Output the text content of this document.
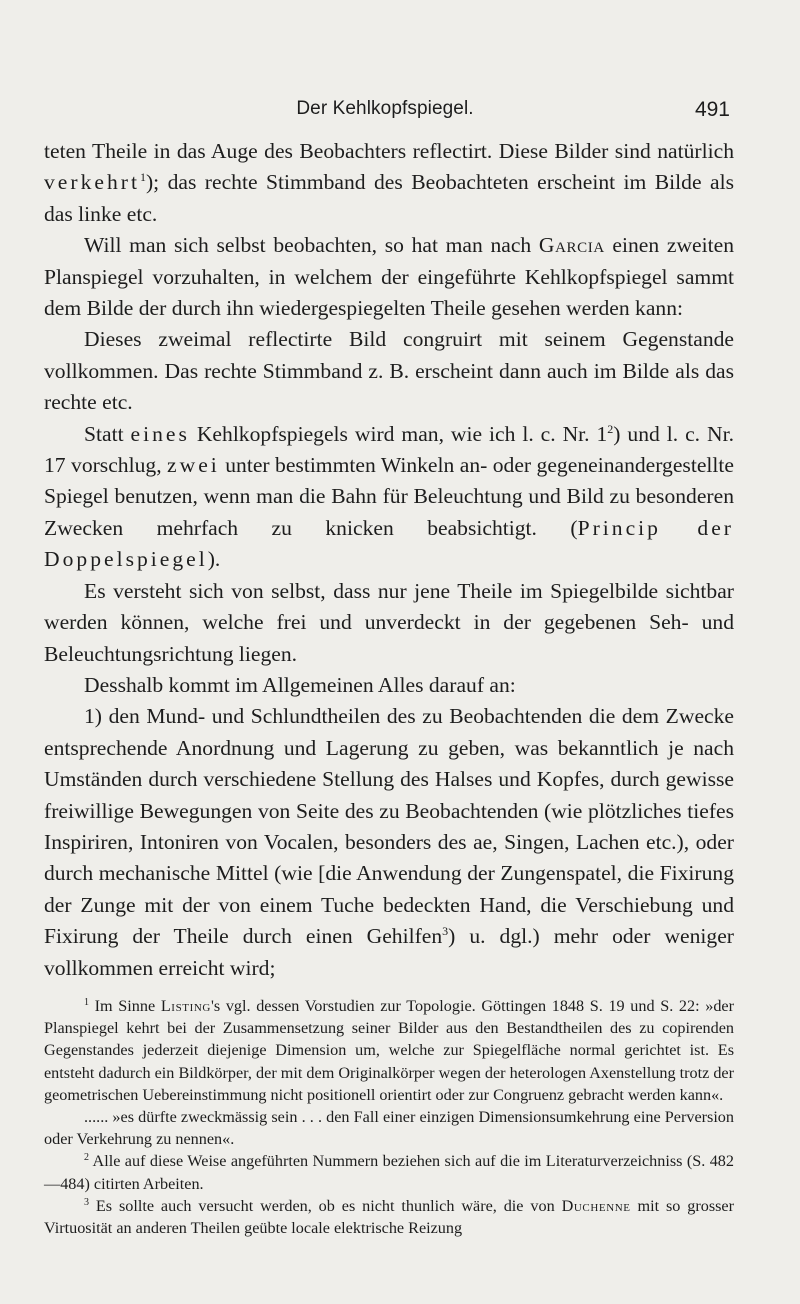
Der Kehlkopfspiegel.	491

teten Theile in das Auge des Beobachters reflectirt. Diese Bilder sind natürlich verkehrt$^1$); das rechte Stimmband des Beobachteten erscheint im Bilde als das linke etc.

Will man sich selbst beobachten, so hat man nach Garcia einen zweiten Planspiegel vorzuhalten, in welchem der eingeführte Kehlkopfspiegel sammt dem Bilde der durch ihn wiedergespiegelten Theile gesehen werden kann:

Dieses zweimal reflectirte Bild congruirt mit seinem Gegenstande vollkommen. Das rechte Stimmband z. B. erscheint dann auch im Bilde als das rechte etc.

Statt eines Kehlkopfspiegels wird man, wie ich l. c. Nr. $1^2$) und l. c. Nr. 17 vorschlug, zwei unter bestimmten Winkeln an- oder gegeneinandergestellte Spiegel benutzen, wenn man die Bahn für Beleuchtung und Bild zu besonderen Zwecken mehrfach zu knicken beabsichtigt. (Princip der Doppelspiegel).

Es versteht sich von selbst, dass nur jene Theile im Spiegelbilde sichtbar werden können, welche frei und unverdeckt in der gegebenen Seh- und Beleuchtungsrichtung liegen.

Desshalb kommt im Allgemeinen Alles darauf an:

1) den Mund- und Schlundtheilen des zu Beobachtenden die dem Zwecke entsprechende Anordnung und Lagerung zu geben, was bekanntlich je nach Umständen durch verschiedene Stellung des Halses und Kopfes, durch gewisse freiwillige Bewegungen von Seite des zu Beobachtenden (wie plötzliches tiefes Inspiriren, Intoniren von Vocalen, besonders des ae, Singen, Lachen etc.), oder durch mechanische Mittel (wie [die Anwendung der Zungenspatel, die Fixirung der Zunge mit der von einem Tuche bedeckten Hand, die Verschiebung und Fixirung der Theile durch einen Gehilfen$^3$) u. dgl.) mehr oder weniger vollkommen erreicht wird;

$^1$ Im Sinne Listing's vgl. dessen Vorstudien zur Topologie. Göttingen 1848 S. 19 und S. 22: »der Planspiegel kehrt bei der Zusammensetzung seiner Bilder aus den Bestandtheilen des zu copirenden Gegenstandes jederzeit diejenige Dimension um, welche zur Spiegelfläche normal gerichtet ist. Es entsteht dadurch ein Bildkörper, der mit dem Originalkörper wegen der heterologen Axenstellung trotz der geometrischen Uebereinstimmung nicht positionell orientirt oder zur Congruenz gebracht werden kann«.

...... »es dürfte zweckmässig sein . . . den Fall einer einzigen Dimensionsumkehrung eine Perversion oder Verkehrung zu nennen«.

$^2$ Alle auf diese Weise angeführten Nummern beziehen sich auf die im Literaturverzeichniss (S. 482—484) citirten Arbeiten.

$^3$ Es sollte auch versucht werden, ob es nicht thunlich wäre, die von Duchenne mit so grosser Virtuosität an anderen Theilen geübte locale elektrische Reizung
